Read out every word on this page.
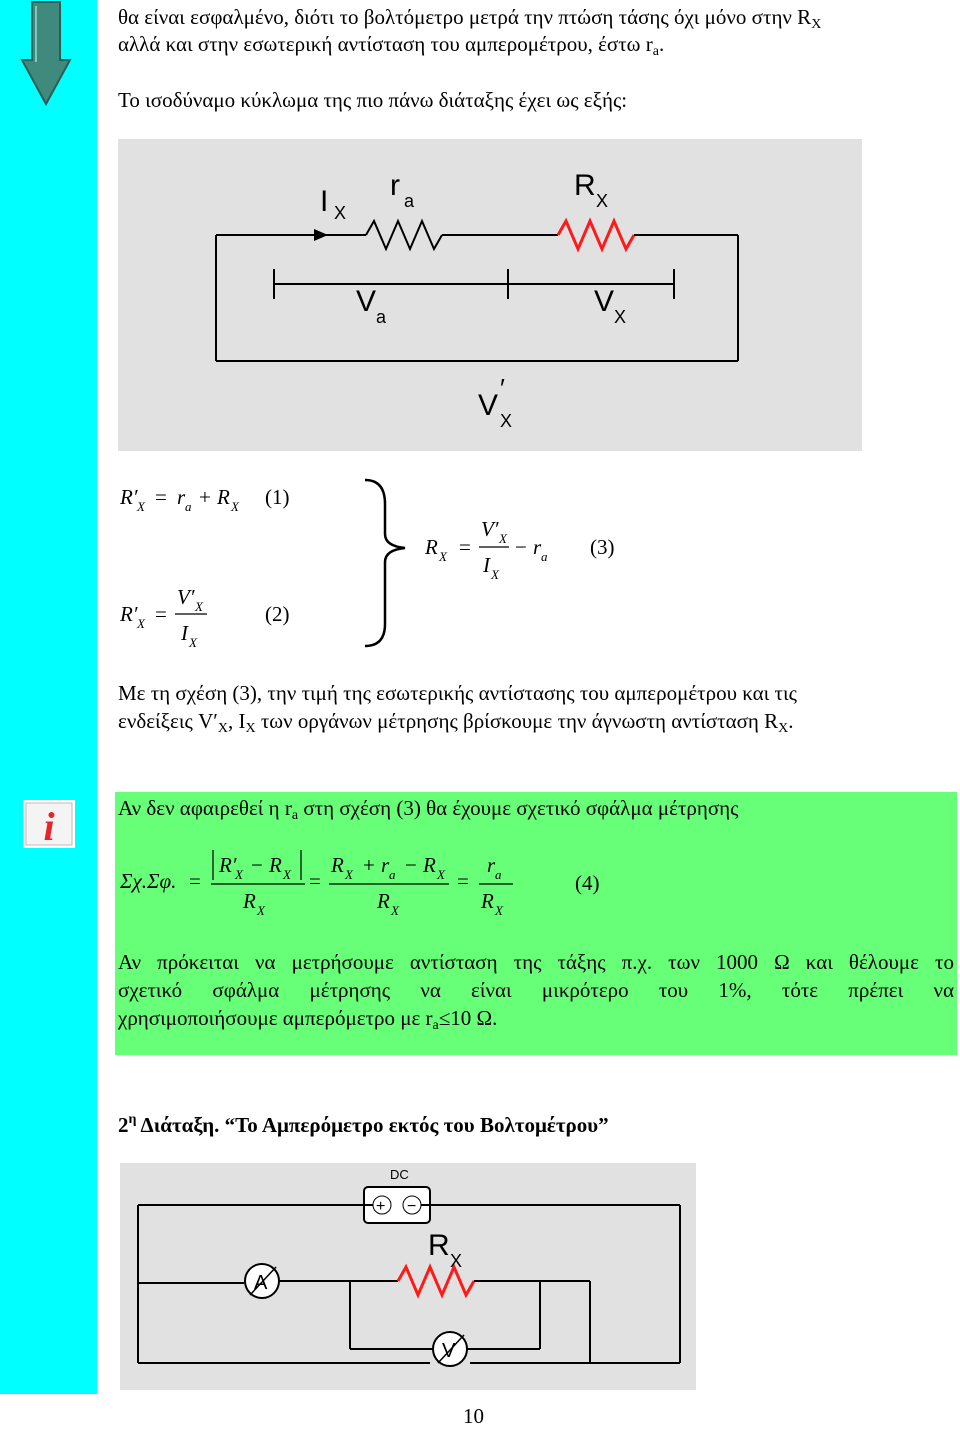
i
θα είναι εσφαλμένο, διότι το βολτόμετρο μετρά την πτώση τάσης όχι μόνο στην $R_X$
αλλά και στην εσωτερική αντίσταση του αμπερομέτρου, έστω $r_a$.
Το ισοδύναμο κύκλωμα της πιο πάνω διάταξης έχει ως εξής:
I X
r a	R X
V a	V X
V
′
X
R′ X = r a + R X (1)
R′ X =
V′ X
I X
(2)
R X =
V′ X
I X
− r a (3)
Με τη σχέση (3), την τιμή της εσωτερικής αντίστασης του αμπερομέτρου και τις
ενδείξεις $V'_X$, $I_X$ των οργάνων μέτρησης βρίσκουμε την άγνωστη αντίσταση $R_X$.
Αν δεν αφαιρεθεί η $r_a$ στη σχέση (3) θα έχουμε σχετικό σφάλμα μέτρησης
Σχ.Σφ. =
R′
X − R X
R X
=
R X + r a − R X
R X
=
r a
R X
(4)
Αν πρόκειται να μετρήσουμε αντίσταση της τάξης π.χ. των 1000 Ω και θέλουμε το
σχετικό σφάλμα μέτρησης να είναι μικρότερο του 1%, τότε πρέπει να
χρησιμοποιήσουμε αμπερόμετρο με $r_a\le 10$ Ω.
$2^\eta$ Διάταξη. “Το Αμπερόμετρο εκτός του Βολτομέτρου”
DC
+ −
A
R X
V
10
